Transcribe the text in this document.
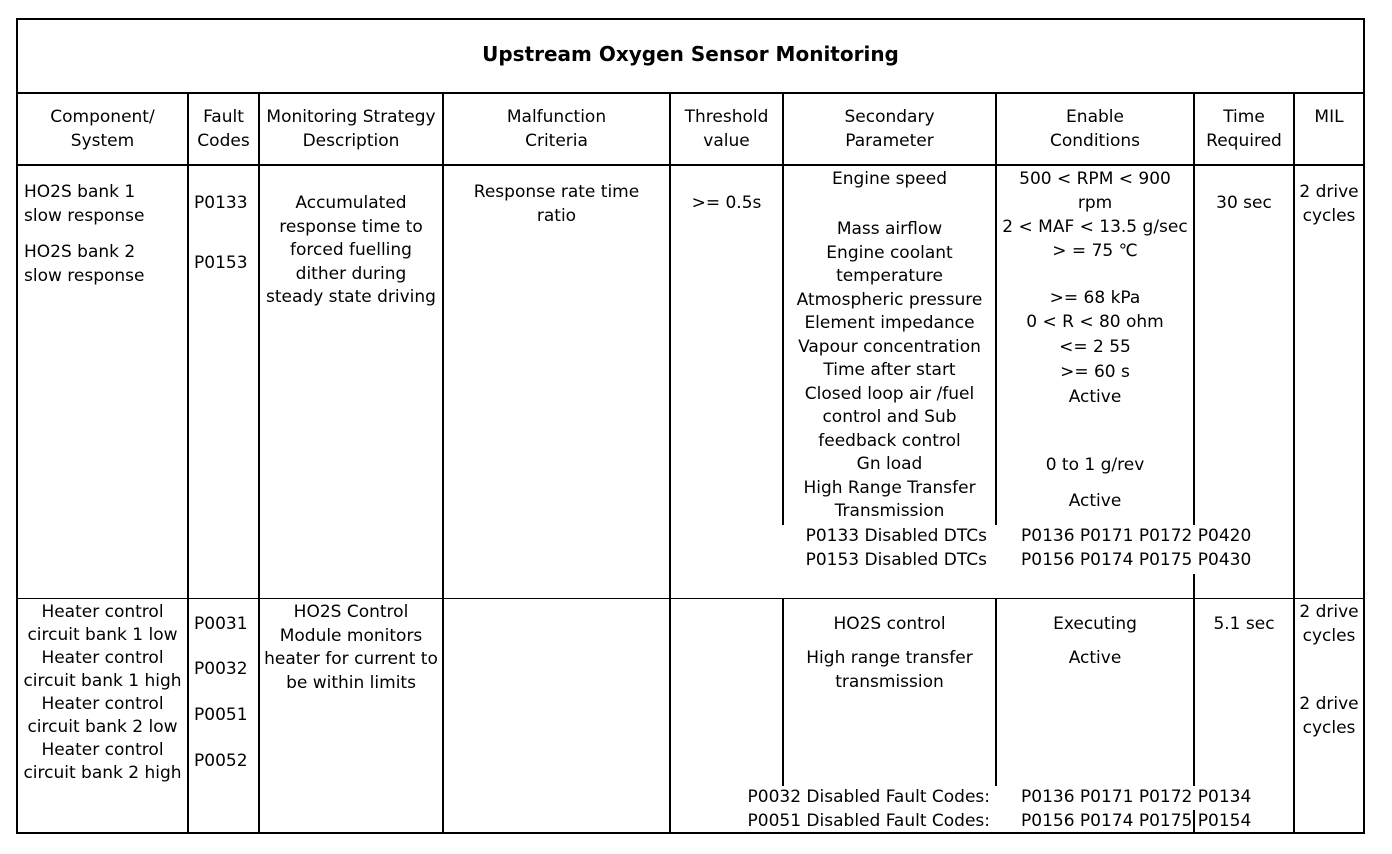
Upstream Oxygen Sensor Monitoring
Component/
System
Fault
Codes
Monitoring Strategy
Description
Malfunction
Criteria
Threshold
value
Secondary
Parameter
Enable
Conditions
Time
Required
MIL
HO2S bank 1
slow response
HO2S bank 2
slow response
P0133
P0153
Accumulated
response time to
forced fuelling
dither during
steady state driving
Response rate time
ratio
>= 0.5s
Engine speed
Mass airflow
Engine coolant
temperature
Atmospheric pressure
Element impedance
Vapour concentration
Time after start
Closed loop air /fuel
control and Sub
feedback control
Gn load
High Range Transfer
Transmission
P0133 Disabled DTCs
P0153 Disabled DTCs
500 < RPM < 900
rpm
2 < MAF < 13.5 g/sec
> = 75 ℃
>= 68 kPa
0 < R < 80 ohm
<= 2 55
>= 60 s
Active
0 to 1 g/rev
Active
P0136 P0171 P0172 P0420
P0156 P0174 P0175 P0430
30 sec
2 drive
cycles
Heater control
circuit bank 1 low
Heater control
circuit bank 1 high
Heater control
circuit bank 2 low
Heater control
circuit bank 2 high
P0031
P0032
P0051
P0052
HO2S Control
Module monitors
heater for current to
be within limits
HO2S control
High range transfer
transmission
Executing
Active
P0032 Disabled Fault Codes:
P0051 Disabled Fault Codes:
P0136 P0171 P0172 P0134
P0156 P0174 P0175 P0154
5.1 sec
2 drive
cycles
2 drive
cycles
